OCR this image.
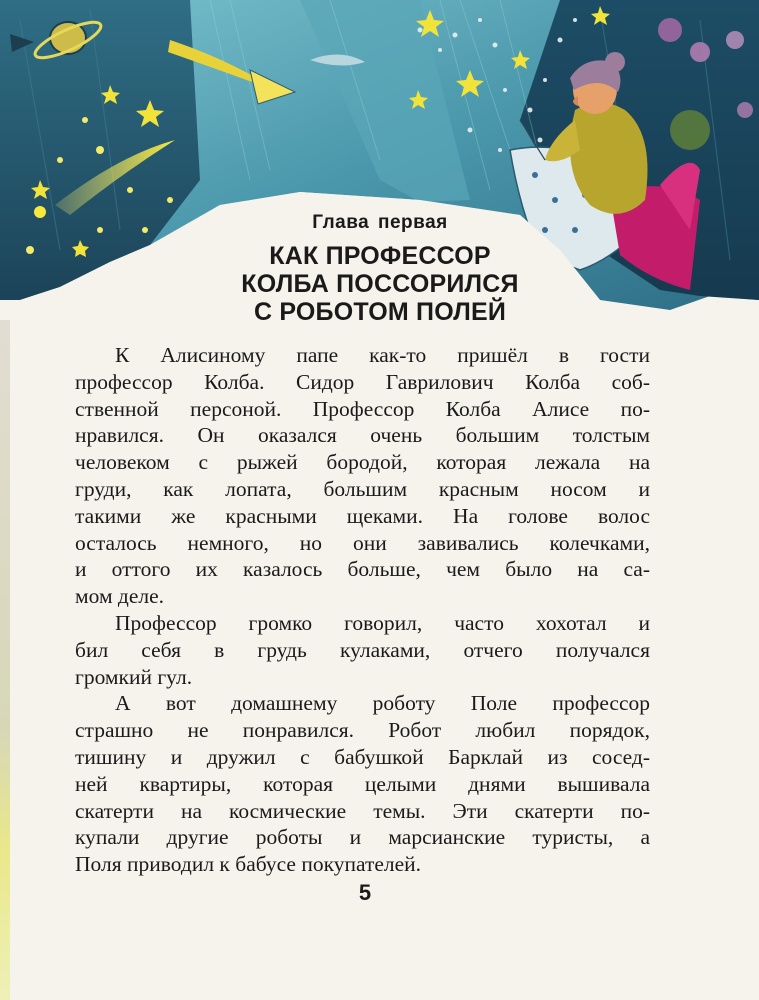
Глава первая
КАК ПРОФЕССОР
КОЛБА ПОССОРИЛСЯ
С РОБОТОМ ПОЛЕЙ
К Алисиному папе как-то пришёл в гости
профессор Колба. Сидор Гаврилович Колба соб-
ственной персоной. Профессор Колба Алисе по-
нравился. Он оказался очень большим толстым
человеком с рыжей бородой, которая лежала на
груди, как лопата, большим красным носом и
такими же красными щеками. На голове волос
осталось немного, но они завивались колечками,
и оттого их казалось больше, чем было на са-
мом деле.
Профессор громко говорил, часто хохотал и
бил себя в грудь кулаками, отчего получался
громкий гул.
А вот домашнему роботу Поле профессор
страшно не понравился. Робот любил порядок,
тишину и дружил с бабушкой Барклай из сосед-
ней квартиры, которая целыми днями вышивала
скатерти на космические темы. Эти скатерти по-
купали другие роботы и марсианские туристы, а
Поля приводил к бабусе покупателей.
5
